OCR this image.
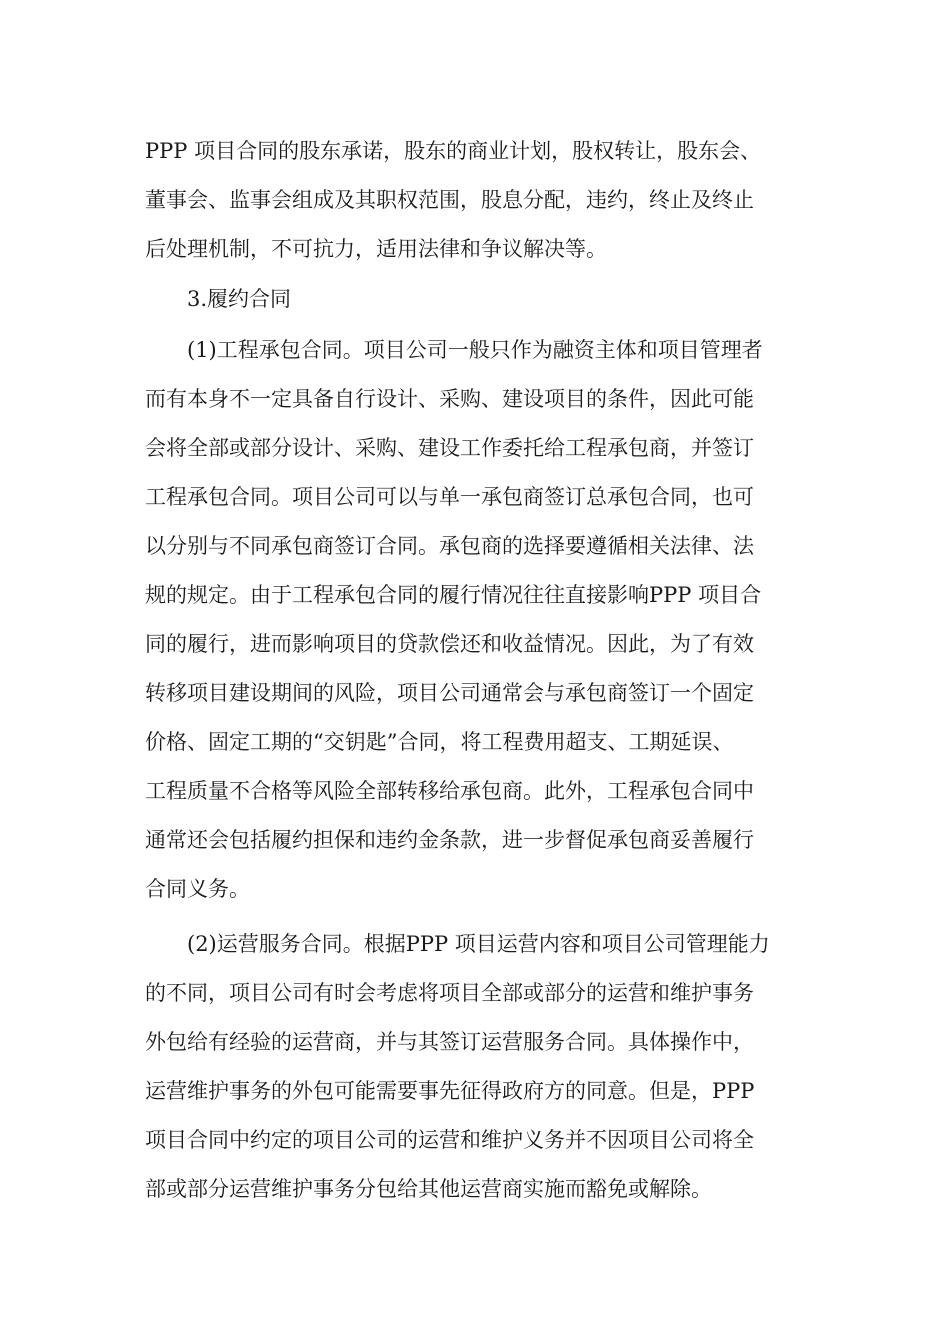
PPP 项目合同的股东承诺，股东的商业计划，股权转让，股东会、
董事会、监事会组成及其职权范围，股息分配，违约，终止及终止
后处理机制，不可抗力，适用法律和争议解决等。
3.履约合同
(1)工程承包合同。项目公司一般只作为融资主体和项目管理者
而有本身不一定具备自行设计、采购、建设项目的条件，因此可能
会将全部或部分设计、采购、建设工作委托给工程承包商，并签订
工程承包合同。项目公司可以与单一承包商签订总承包合同，也可
以分别与不同承包商签订合同。承包商的选择要遵循相关法律、法
规的规定。由于工程承包合同的履行情况往往直接影响PPP 项目合
同的履行，进而影响项目的贷款偿还和收益情况。因此，为了有效
转移项目建设期间的风险，项目公司通常会与承包商签订一个固定
价格、固定工期的“交钥匙”合同，将工程费用超支、工期延误、
工程质量不合格等风险全部转移给承包商。此外，工程承包合同中
通常还会包括履约担保和违约金条款，进一步督促承包商妥善履行
合同义务。
(2)运营服务合同。根据PPP 项目运营内容和项目公司管理能力
的不同，项目公司有时会考虑将项目全部或部分的运营和维护事务
外包给有经验的运营商，并与其签订运营服务合同。具体操作中，
运营维护事务的外包可能需要事先征得政府方的同意。但是，PPP
项目合同中约定的项目公司的运营和维护义务并不因项目公司将全
部或部分运营维护事务分包给其他运营商实施而豁免或解除。
